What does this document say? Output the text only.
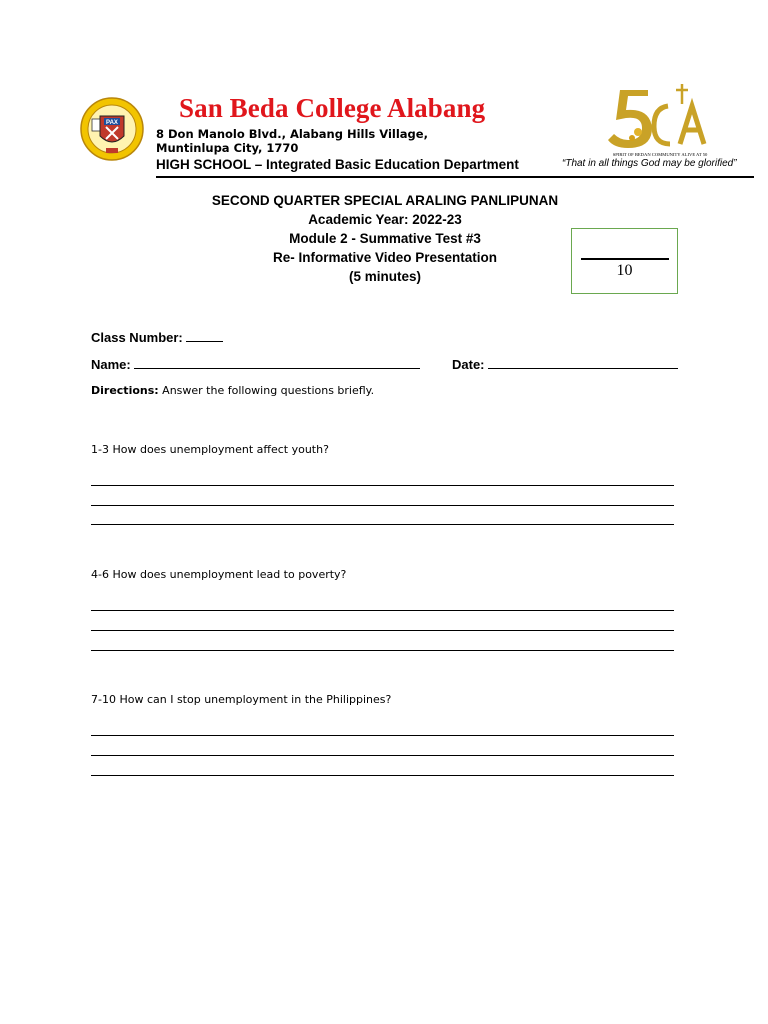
PAX San Beda College Alabang
8 Don Manolo Blvd., Alabang Hills Village,
Muntinlupa City, 1770
HIGH SCHOOL – Integrated Basic Education Department
SPIRIT OF BEDAN COMMUNITY ALIVE AT 50
“That in all things God may be glorified”
SECOND QUARTER SPECIAL ARALING PANLIPUNAN
Academic Year: 2022-23
Module 2 - Summative Test #3
Re- Informative Video Presentation
(5 minutes)	10
Class Number:
Name:	Date:
Directions: Answer the following questions briefly.
1-3 How does unemployment affect youth?
4-6 How does unemployment lead to poverty?
7-10 How can I stop unemployment in the Philippines?
